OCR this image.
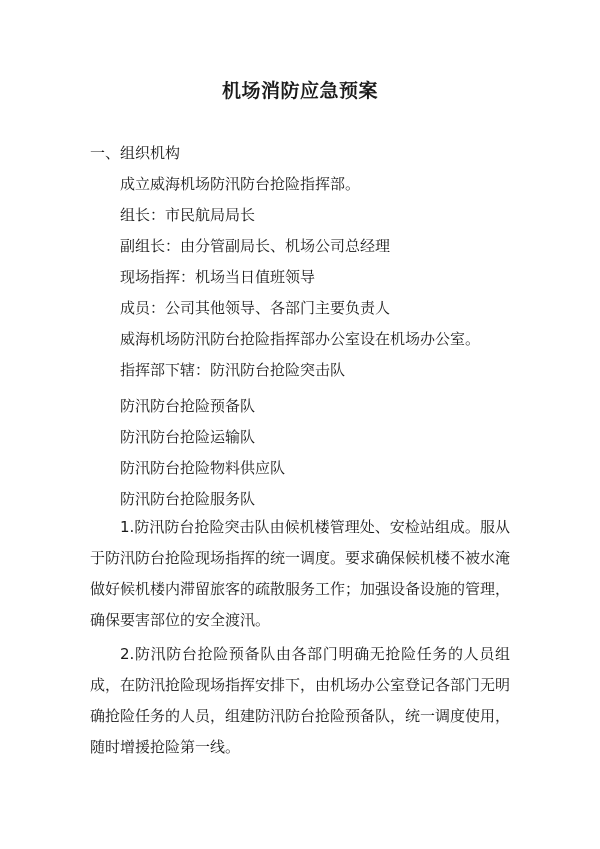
机场消防应急预案
一、组织机构
成立威海机场防汛防台抢险指挥部。
组长：市民航局局长
副组长：由分管副局长、机场公司总经理
现场指挥：机场当日值班领导
成员：公司其他领导、各部门主要负责人
威海机场防汛防台抢险指挥部办公室设在机场办公室。
指挥部下辖：防汛防台抢险突击队
防汛防台抢险预备队
防汛防台抢险运输队
防汛防台抢险物料供应队
防汛防台抢险服务队
1.防汛防台抢险突击队由候机楼管理处、安检站组成。服从于防汛防台抢险现场指挥的统一调度。要求确保候机楼不被水淹做好候机楼内滞留旅客的疏散服务工作；加强设备设施的管理，确保要害部位的安全渡汛。
2.防汛防台抢险预备队由各部门明确无抢险任务的人员组成，在防汛抢险现场指挥安排下，由机场办公室登记各部门无明确抢险任务的人员，组建防汛防台抢险预备队，统一调度使用，随时增援抢险第一线。
